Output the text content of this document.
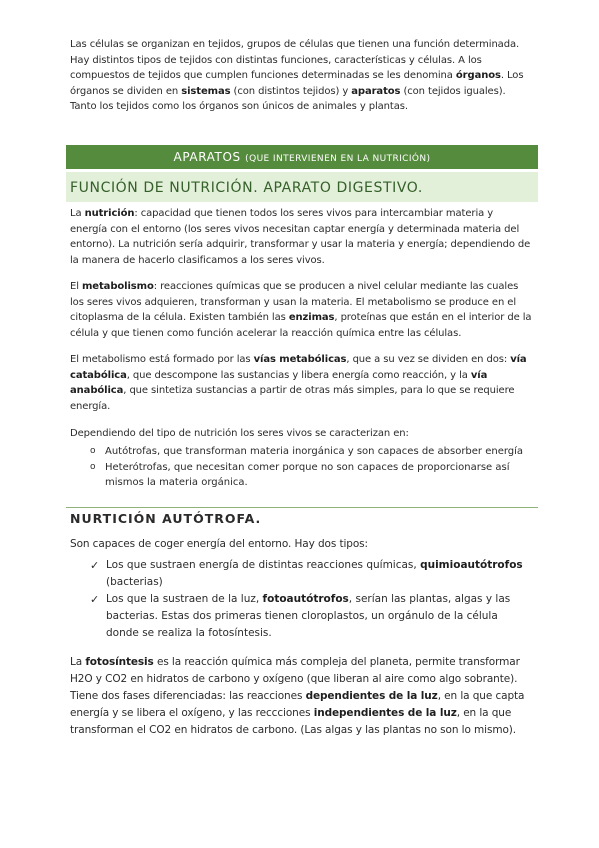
Las células se organizan en tejidos, grupos de células que tienen una función determinada. Hay distintos tipos de tejidos con distintas funciones, características y células. A los compuestos de tejidos que cumplen funciones determinadas se les denomina órganos. Los órganos se dividen en sistemas (con distintos tejidos) y aparatos (con tejidos iguales). Tanto los tejidos como los órganos son únicos de animales y plantas.

APARATOS (QUE INTERVIENEN EN LA NUTRICIÓN)
FUNCIÓN DE NUTRICIÓN. APARATO DIGESTIVO.

La nutrición: capacidad que tienen todos los seres vivos para intercambiar materia y energía con el entorno (los seres vivos necesitan captar energía y determinada materia del entorno). La nutrición sería adquirir, transformar y usar la materia y energía; dependiendo de la manera de hacerlo clasificamos a los seres vivos.

El metabolismo: reacciones químicas que se producen a nivel celular mediante las cuales los seres vivos adquieren, transforman y usan la materia. El metabolismo se produce en el citoplasma de la célula. Existen también las enzimas, proteínas que están en el interior de la célula y que tienen como función acelerar la reacción química entre las células.

El metabolismo está formado por las vías metabólicas, que a su vez se dividen en dos: vía catabólica, que descompone las sustancias y libera energía como reacción, y la vía anabólica, que sintetiza sustancias a partir de otras más simples, para lo que se requiere energía.

Dependiendo del tipo de nutrición los seres vivos se caracterizan en:

o Autótrofas, que transforman materia inorgánica y son capaces de absorber energía
o Heterótrofas, que necesitan comer porque no son capaces de proporcionarse así mismos la materia orgánica.
NURTICIÓN AUTÓTROFA.

Son capaces de coger energía del entorno. Hay dos tipos:

✓ Los que sustraen energía de distintas reacciones químicas, quimioautótrofos (bacterias)
✓ Los que la sustraen de la luz, fotoautótrofos, serían las plantas, algas y las bacterias. Estas dos primeras tienen cloroplastos, un orgánulo de la célula donde se realiza la fotosíntesis.

La fotosíntesis es la reacción química más compleja del planeta, permite transformar H2O y CO2 en hidratos de carbono y oxígeno (que liberan al aire como algo sobrante). Tiene dos fases diferenciadas: las reacciones dependientes de la luz, en la que capta energía y se libera el oxígeno, y las reccciones independientes de la luz, en la que transforman el CO2 en hidratos de carbono. (Las algas y las plantas no son lo mismo).
